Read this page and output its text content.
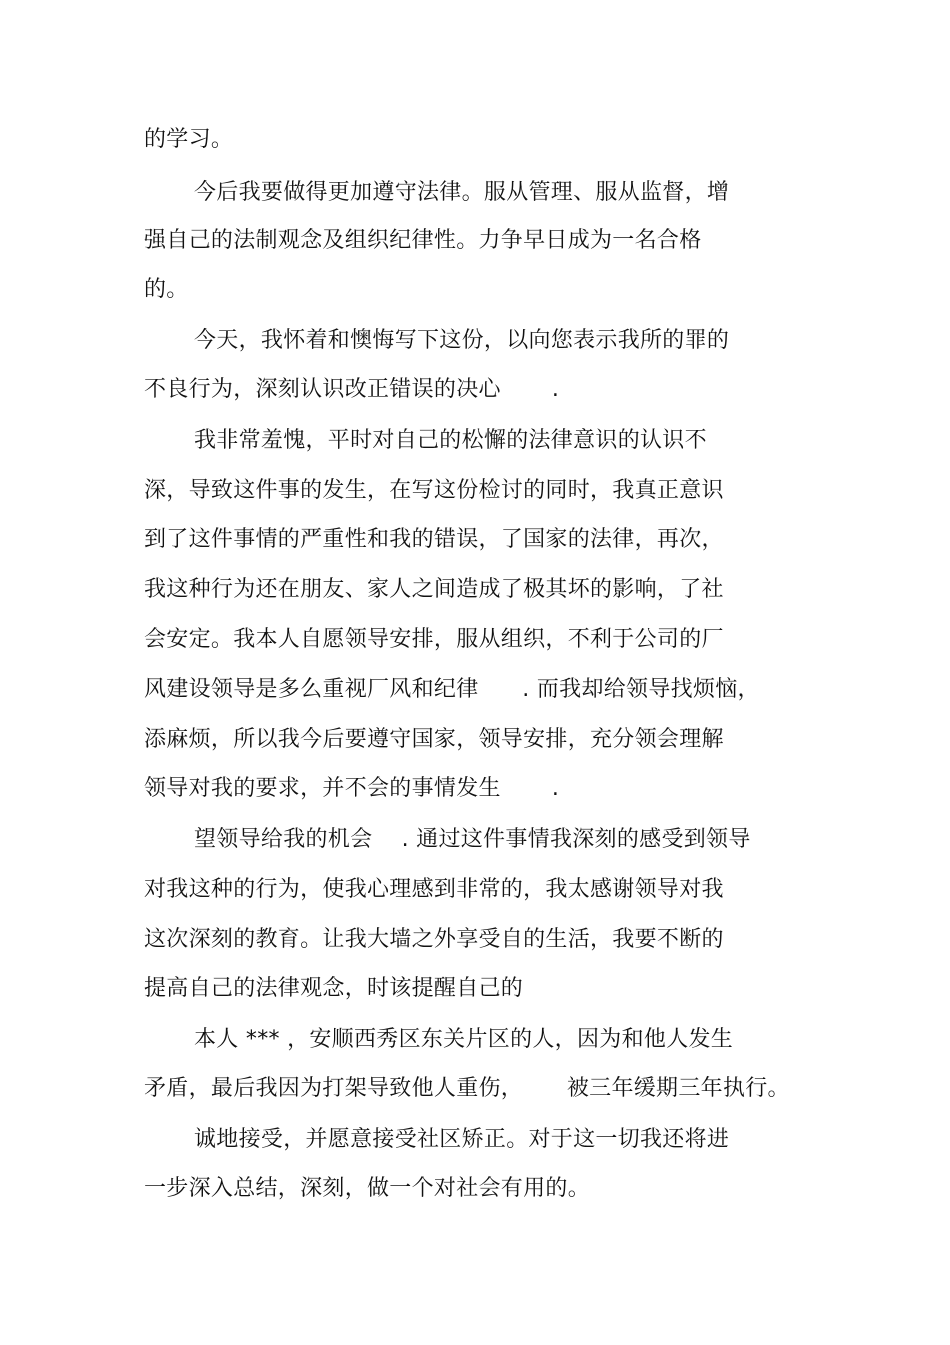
的学习。
今后我要做得更加遵守法律。服从管理、服从监督，增
强自己的法制观念及组织纪律性。力争早日成为一名合格
的。
今天，我怀着和懊悔写下这份，以向您表示我所的罪的
不良行为，深刻认识改正错误的决心       .
我非常羞愧，平时对自己的松懈的法律意识的认识不
深，导致这件事的发生，在写这份检讨的同时，我真正意识
到了这件事情的严重性和我的错误，了国家的法律，再次，
我这种行为还在朋友、家人之间造成了极其坏的影响，了社
会安定。我本人自愿领导安排，服从组织，不利于公司的厂
风建设领导是多么重视厂风和纪律      . 而我却给领导找烦恼，
添麻烦，所以我今后要遵守国家，领导安排，充分领会理解
领导对我的要求，并不会的事情发生       .
望领导给我的机会    . 通过这件事情我深刻的感受到领导
对我这种的行为，使我心理感到非常的，我太感谢领导对我
这次深刻的教育。让我大墙之外享受自的生活，我要不断的
提高自己的法律观念，时该提醒自己的
本人 *** ，安顺西秀区东关片区的人，因为和他人发生
矛盾，最后我因为打架导致他人重伤，      被三年缓期三年执行。
诚地接受，并愿意接受社区矫正。对于这一切我还将进
一步深入总结，深刻，做一个对社会有用的。
